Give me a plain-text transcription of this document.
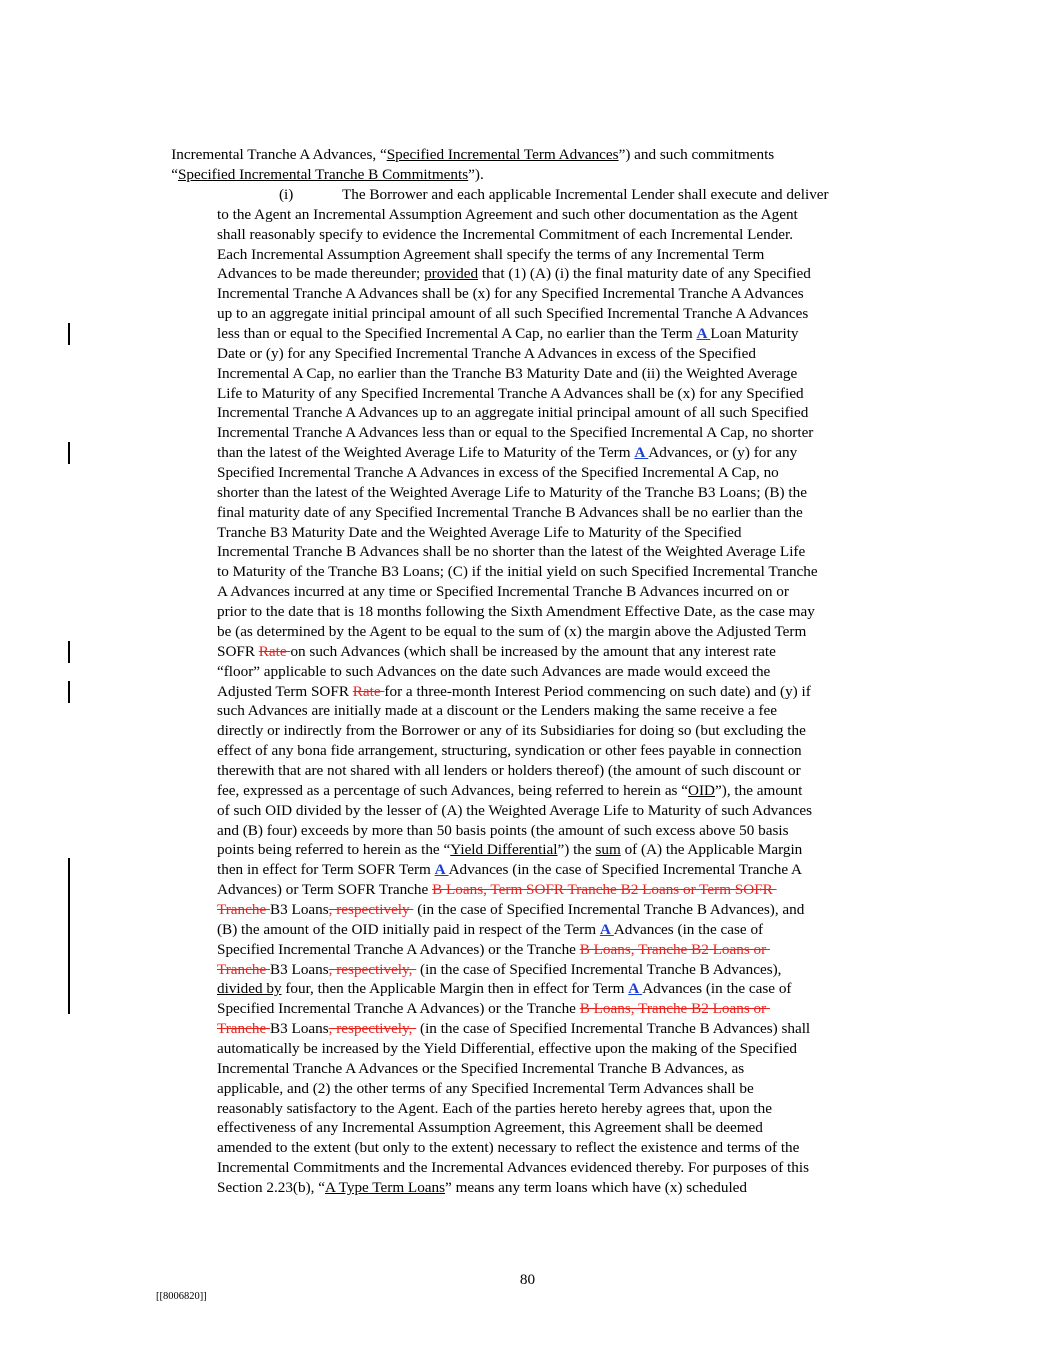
Incremental Tranche A Advances, “Specified Incremental Term Advances”) and such commitments

“Specified Incremental Tranche B Commitments”).

(i)	The Borrower and each applicable Incremental Lender shall execute and deliver
to the Agent an Incremental Assumption Agreement and such other documentation as the Agent
shall reasonably specify to evidence the Incremental Commitment of each Incremental Lender.
Each Incremental Assumption Agreement shall specify the terms of any Incremental Term
Advances to be made thereunder; provided that (1) (A) (i) the final maturity date of any Specified
Incremental Tranche A Advances shall be (x) for any Specified Incremental Tranche A Advances
up to an aggregate initial principal amount of all such Specified Incremental Tranche A Advances
less than or equal to the Specified Incremental A Cap, no earlier than the Term A Loan Maturity
Date or (y) for any Specified Incremental Tranche A Advances in excess of the Specified
Incremental A Cap, no earlier than the Tranche B3 Maturity Date and (ii) the Weighted Average
Life to Maturity of any Specified Incremental Tranche A Advances shall be (x) for any Specified
Incremental Tranche A Advances up to an aggregate initial principal amount of all such Specified
Incremental Tranche A Advances less than or equal to the Specified Incremental A Cap, no shorter
than the latest of the Weighted Average Life to Maturity of the Term A Advances, or (y) for any
Specified Incremental Tranche A Advances in excess of the Specified Incremental A Cap, no
shorter than the latest of the Weighted Average Life to Maturity of the Tranche B3 Loans; (B) the
final maturity date of any Specified Incremental Tranche B Advances shall be no earlier than the
Tranche B3 Maturity Date and the Weighted Average Life to Maturity of the Specified
Incremental Tranche B Advances shall be no shorter than the latest of the Weighted Average Life
to Maturity of the Tranche B3 Loans; (C) if the initial yield on such Specified Incremental Tranche
A Advances incurred at any time or Specified Incremental Tranche B Advances incurred on or
prior to the date that is 18 months following the Sixth Amendment Effective Date, as the case may
be (as determined by the Agent to be equal to the sum of (x) the margin above the Adjusted Term
SOFR Rate on such Advances (which shall be increased by the amount that any interest rate
“floor” applicable to such Advances on the date such Advances are made would exceed the
Adjusted Term SOFR Rate for a three-month Interest Period commencing on such date) and (y) if
such Advances are initially made at a discount or the Lenders making the same receive a fee
directly or indirectly from the Borrower or any of its Subsidiaries for doing so (but excluding the
effect of any bona fide arrangement, structuring, syndication or other fees payable in connection
therewith that are not shared with all lenders or holders thereof) (the amount of such discount or
fee, expressed as a percentage of such Advances, being referred to herein as “OID”), the amount
of such OID divided by the lesser of (A) the Weighted Average Life to Maturity of such Advances
and (B) four) exceeds by more than 50 basis points (the amount of such excess above 50 basis
points being referred to herein as the “Yield Differential”) the sum of (A) the Applicable Margin
then in effect for Term SOFR Term A Advances (in the case of Specified Incremental Tranche A
Advances) or Term SOFR Tranche B Loans, Term SOFR Tranche B2 Loans or Term SOFR
Tranche B3 Loans, respectively  (in the case of Specified Incremental Tranche B Advances), and
(B) the amount of the OID initially paid in respect of the Term A Advances (in the case of
Specified Incremental Tranche A Advances) or the Tranche B Loans, Tranche B2 Loans or
Tranche B3 Loans, respectively,  (in the case of Specified Incremental Tranche B Advances),
divided by four, then the Applicable Margin then in effect for Term A Advances (in the case of
Specified Incremental Tranche A Advances) or the Tranche B Loans, Tranche B2 Loans or
Tranche B3 Loans, respectively,  (in the case of Specified Incremental Tranche B Advances) shall
automatically be increased by the Yield Differential, effective upon the making of the Specified
Incremental Tranche A Advances or the Specified Incremental Tranche B Advances, as
applicable, and (2) the other terms of any Specified Incremental Term Advances shall be
reasonably satisfactory to the Agent. Each of the parties hereto hereby agrees that, upon the
effectiveness of any Incremental Assumption Agreement, this Agreement shall be deemed
amended to the extent (but only to the extent) necessary to reflect the existence and terms of the
Incremental Commitments and the Incremental Advances evidenced thereby. For purposes of this
Section 2.23(b), “A Type Term Loans” means any term loans which have (x) scheduled
80
[[8006820]]
